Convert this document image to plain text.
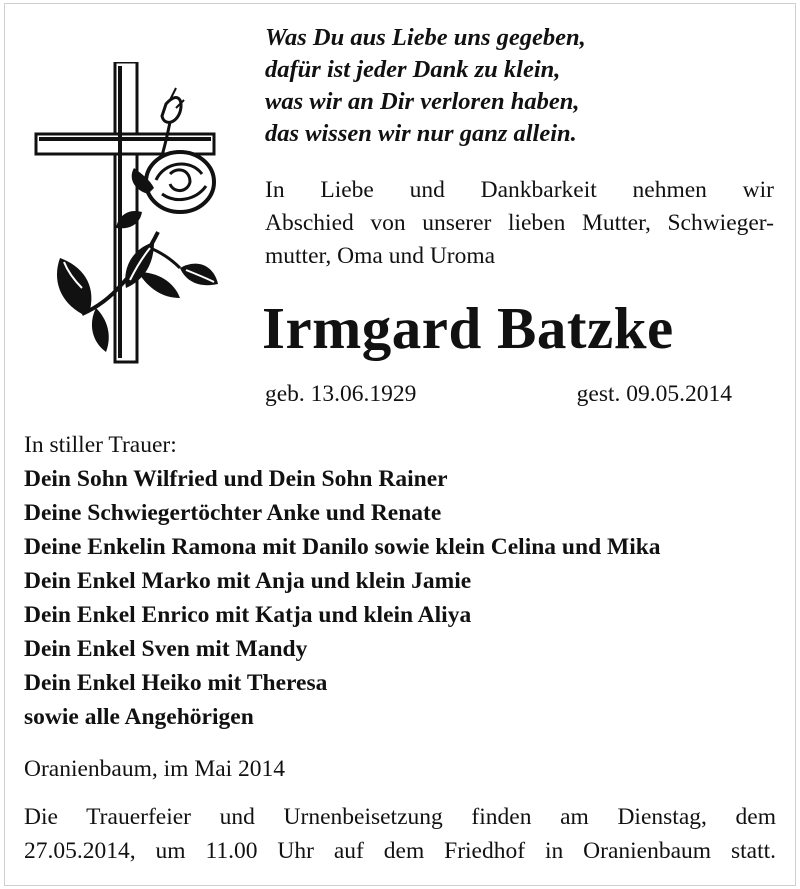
Was Du aus Liebe uns gegeben,
dafür ist jeder Dank zu klein,
was wir an Dir verloren haben,
das wissen wir nur ganz allein.
In Liebe und Dankbarkeit nehmen wir
Abschied von unserer lieben Mutter, Schwieger-
mutter, Oma und Uroma
Irmgard Batzke
geb. 13.06.1929	gest. 09.05.2014
In stiller Trauer:
Dein Sohn Wilfried und Dein Sohn Rainer
Deine Schwiegertöchter Anke und Renate
Deine Enkelin Ramona mit Danilo sowie klein Celina und Mika
Dein Enkel Marko mit Anja und klein Jamie
Dein Enkel Enrico mit Katja und klein Aliya
Dein Enkel Sven mit Mandy
Dein Enkel Heiko mit Theresa
sowie alle Angehörigen
Oranienbaum, im Mai 2014
Die Trauerfeier und Urnenbeisetzung finden am Dienstag, dem
27.05.2014, um 11.00 Uhr auf dem Friedhof in Oranienbaum statt.
